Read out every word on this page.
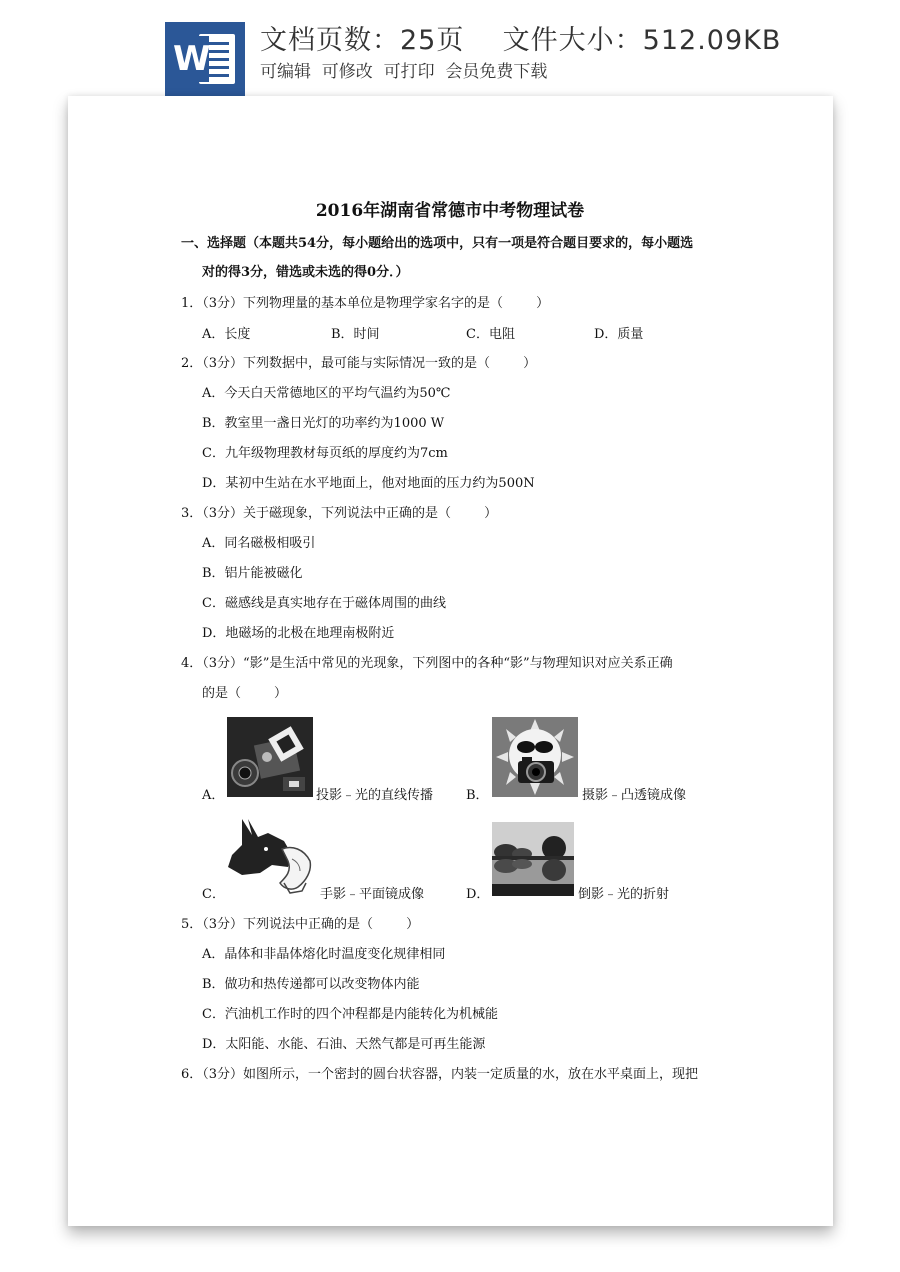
W 文档页数：25页    文件大小：512.09KB
可编辑  可修改  可打印  会员免费下载
2016年湖南省常德市中考物理试卷
一、选择题（本题共54分，每小题给出的选项中，只有一项是符合题目要求的，每小题选
对的得3分，错选或未选的得0分．）
1．（3分）下列物理量的基本单位是物理学家名字的是（        ）
A．长度	B．时间	C．电阻	D．质量
2．（3分）下列数据中，最可能与实际情况一致的是（        ）
A．今天白天常德地区的平均气温约为50℃
B．教室里一盏日光灯的功率约为1000 W
C．九年级物理教材每页纸的厚度约为7cm
D．某初中生站在水平地面上，他对地面的压力约为500N
3．（3分）关于磁现象，下列说法中正确的是（        ）
A．同名磁极相吸引
B．铝片能被磁化
C．磁感线是真实地存在于磁体周围的曲线
D．地磁场的北极在地理南极附近
4．（3分）“影”是生活中常见的光现象，下列图中的各种“影”与物理知识对应关系正确
的是（        ）
A．	投影﹣光的直线传播	B．	摄影﹣凸透镜成像
C．	手影﹣平面镜成像	D．	倒影﹣光的折射
5．（3分）下列说法中正确的是（        ）
A．晶体和非晶体熔化时温度变化规律相同
B．做功和热传递都可以改变物体内能
C．汽油机工作时的四个冲程都是内能转化为机械能
D．太阳能、水能、石油、天然气都是可再生能源
6．（3分）如图所示，一个密封的圆台状容器，内装一定质量的水，放在水平桌面上，现把
